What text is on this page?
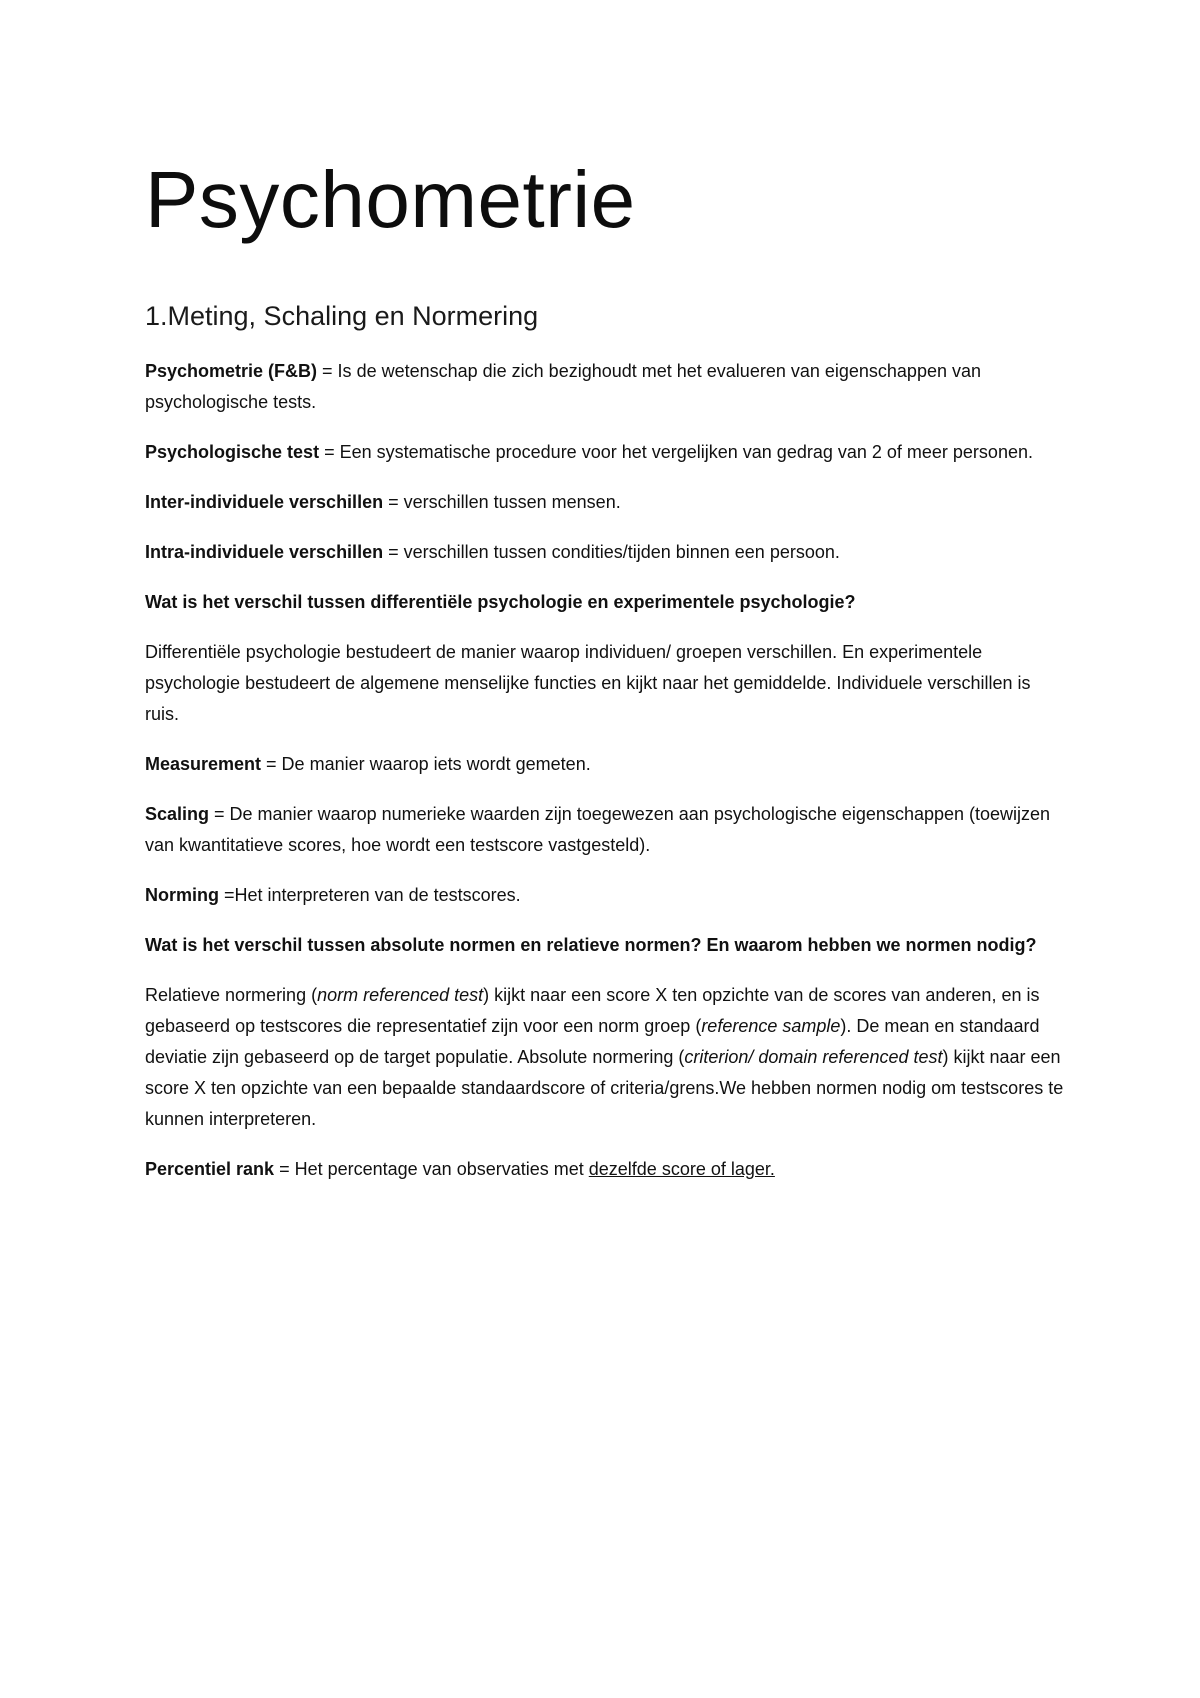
Psychometrie
1.Meting, Schaling en Normering

Psychometrie (F&B) = Is de wetenschap die zich bezighoudt met het evalueren van eigenschappen van psychologische tests.

Psychologische test = Een systematische procedure voor het vergelijken van gedrag van 2 of meer personen.

Inter-individuele verschillen = verschillen tussen mensen.

Intra-individuele verschillen = verschillen tussen condities/tijden binnen een persoon.

Wat is het verschil tussen differentiële psychologie en experimentele psychologie?

Differentiële psychologie bestudeert de manier waarop individuen/ groepen verschillen. En experimentele psychologie bestudeert de algemene menselijke functies en kijkt naar het gemiddelde. Individuele verschillen is ruis.

Measurement = De manier waarop iets wordt gemeten.

Scaling = De manier waarop numerieke waarden zijn toegewezen aan psychologische eigenschappen (toewijzen van kwantitatieve scores, hoe wordt een testscore vastgesteld).

Norming =Het interpreteren van de testscores.

Wat is het verschil tussen absolute normen en relatieve normen? En waarom hebben we normen nodig?

Relatieve normering (norm referenced test) kijkt naar een score X ten opzichte van de scores van anderen, en is gebaseerd op testscores die representatief zijn voor een norm groep (reference sample). De mean en standaard deviatie zijn gebaseerd op de target populatie. Absolute normering (criterion/ domain referenced test) kijkt naar een score X ten opzichte van een bepaalde standaardscore of criteria/grens.We hebben normen nodig om testscores te kunnen interpreteren.

Percentiel rank = Het percentage van observaties met dezelfde score of lager.
